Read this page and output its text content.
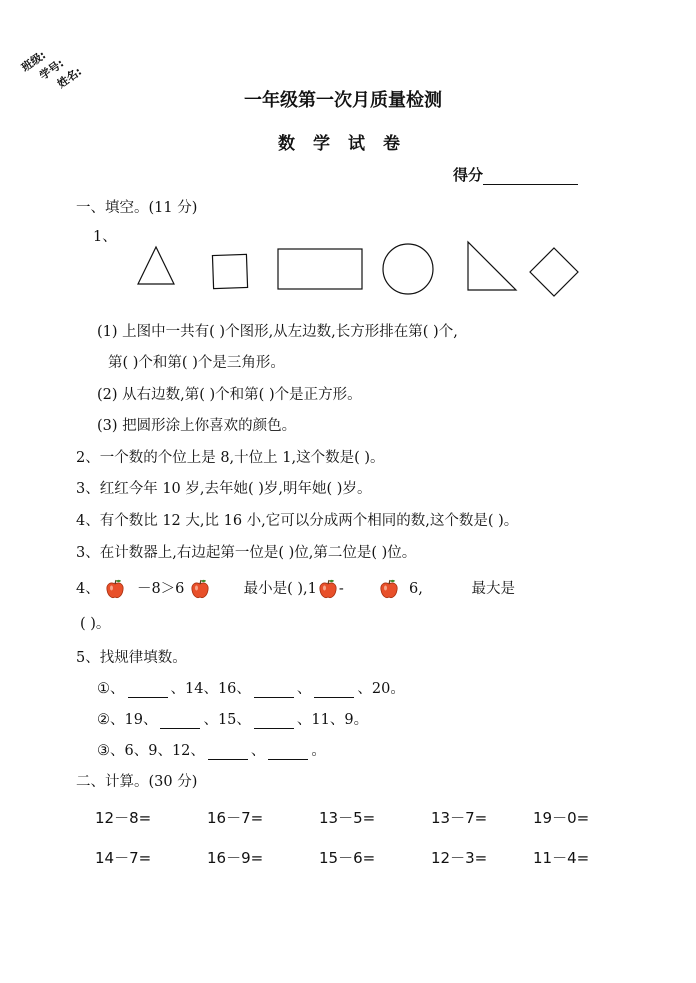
班级:
学号:
姓名:
一年级第一次月质量检测
数学试卷
得分
一、填空。(11 分)
1、
(1) 上图中一共有( )个图形,从左边数,长方形排在第( )个,
第( )个和第( )个是三角形。
(2) 从右边数,第( )个和第( )个是正方形。
(3) 把圆形涂上你喜欢的颜色。
2、一个数的个位上是 8,十位上 1,这个数是( )。
3、红红今年 10 岁,去年她( )岁,明年她( )岁。
4、有个数比 12 大,比 16 小,它可以分成两个相同的数,这个数是( )。
3、在计数器上,右边起第一位是( )位,第二位是( )位。
4、	－8＞6	最小是( ),1 -	6,	最大是
( )。
5、找规律填数。
①、	、14、16、	、	、20。
②、19、	、15、	、11、9。
③、6、9、12、	、	。
二、计算。(30 分)
12－8=	16－7=	13－5=	13－7=	19－0=
14－7=	16－9=	15－6=	12－3=	11－4=
